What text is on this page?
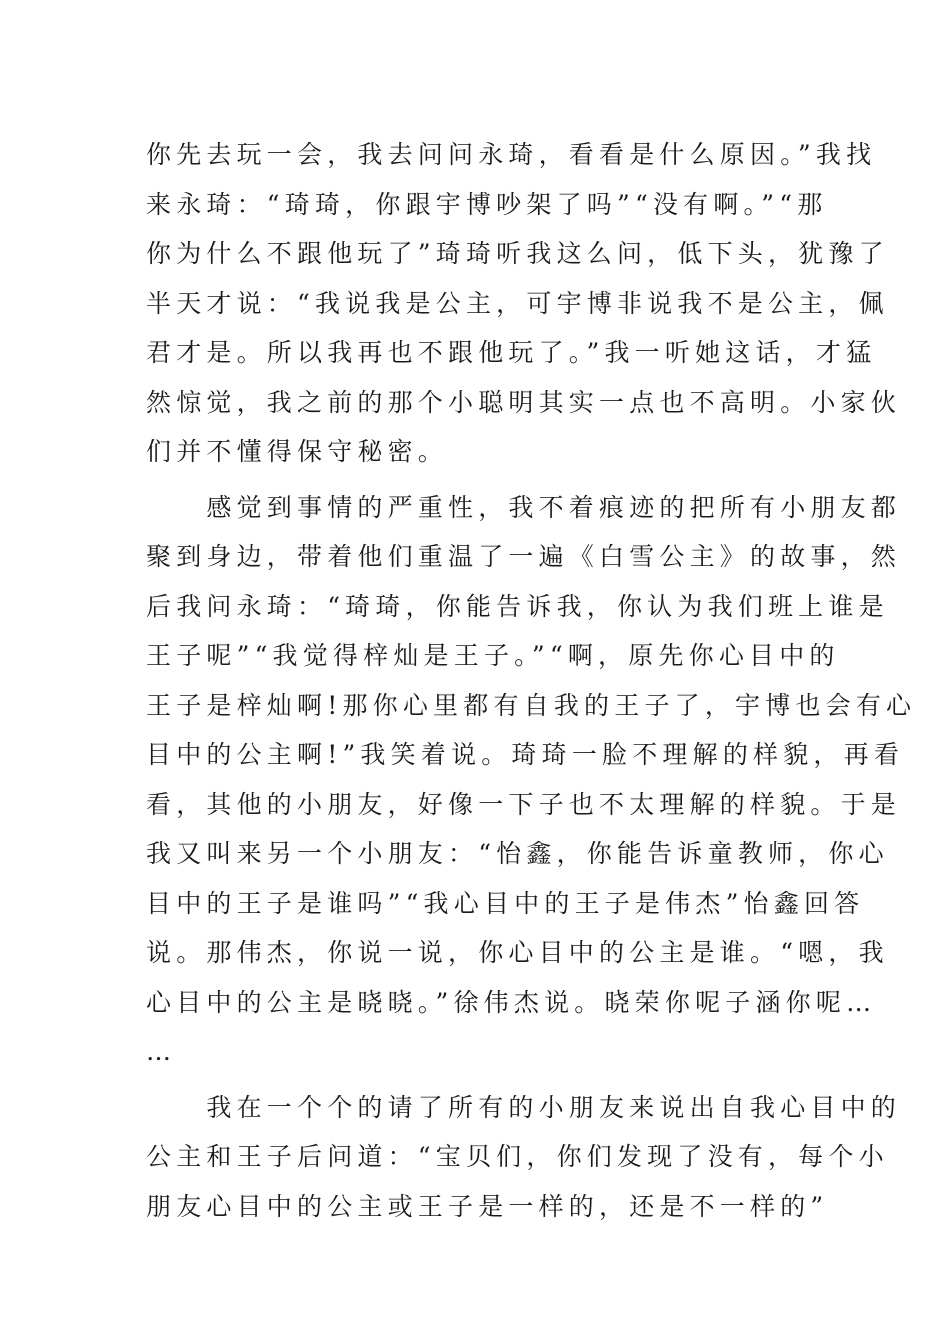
你先去玩一会，我去问问永琦，看看是什么原因。”我找
来永琦：“琦琦，你跟宇博吵架了吗”“没有啊。”“那
你为什么不跟他玩了”琦琦听我这么问，低下头，犹豫了
半天才说：“我说我是公主，可宇博非说我不是公主，佩
君才是。所以我再也不跟他玩了。”我一听她这话，才猛
然惊觉，我之前的那个小聪明其实一点也不高明。小家伙
们并不懂得保守秘密。
　　感觉到事情的严重性，我不着痕迹的把所有小朋友都
聚到身边，带着他们重温了一遍《白雪公主》的故事，然
后我问永琦：“琦琦，你能告诉我，你认为我们班上谁是
王子呢”“我觉得梓灿是王子。”“啊，原先你心目中的
王子是梓灿啊!那你心里都有自我的王子了，宇博也会有心
目中的公主啊!”我笑着说。琦琦一脸不理解的样貌，再看
看，其他的小朋友，好像一下子也不太理解的样貌。于是
我又叫来另一个小朋友：“怡鑫，你能告诉童教师，你心
目中的王子是谁吗”“我心目中的王子是伟杰”怡鑫回答
说。那伟杰，你说一说，你心目中的公主是谁。“嗯，我
心目中的公主是晓晓。”徐伟杰说。晓荣你呢子涵你呢…
…
　　我在一个个的请了所有的小朋友来说出自我心目中的
公主和王子后问道：“宝贝们，你们发现了没有，每个小
朋友心目中的公主或王子是一样的，还是不一样的”
